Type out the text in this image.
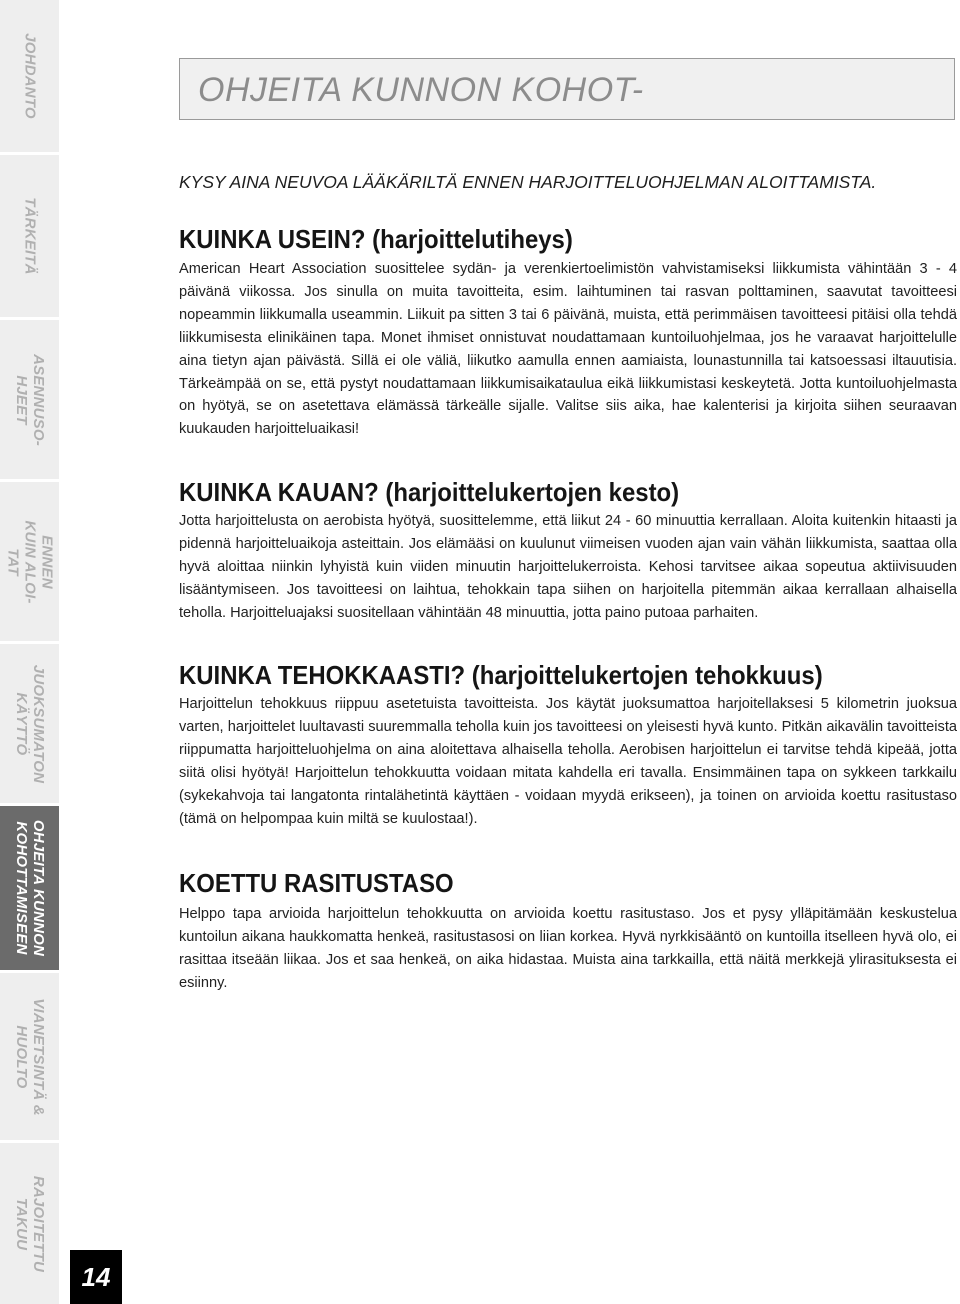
JOHDANTO
TÄRKEITÄ
ASENNUSO-
HJEET
ENNEN
KUIN ALOI-
TAT
JUOKSUMATON
KÄYTTÖ
OHJEITA KUNNON
KOHOTTAMISEEN
VIANETSINTÄ &
HUOLTO
RAJOITETTU
TAKUU
14
OHJEITA KUNNON KOHOT-
KYSY AINA NEUVOA LÄÄKÄRILTÄ ENNEN HARJOITTELUOHJELMAN ALOITTAMISTA.
KUINKA USEIN? (harjoittelutiheys)
American Heart Association suosittelee sydän- ja verenkiertoelimistön vahvistamiseksi liikkumista vähintään 3 - 4 päivänä viikossa. Jos sinulla on muita tavoitteita, esim. laihtuminen tai rasvan polttaminen, saavutat tavoitteesi nopeammin liikkumalla useammin. Liikuit pa sitten 3 tai 6 päivänä, muista, että perimmäisen tavoitteesi pitäisi olla tehdä liikkumisesta elinikäinen tapa. Monet ihmiset onnistuvat noudattamaan kuntoiluohjelmaa, jos he varaavat harjoittelulle aina tietyn ajan päivästä. Sillä ei ole väliä, liikutko aamulla ennen aamiaista, lounastunnilla tai katsoessasi iltauutisia. Tärkeämpää on se, että pystyt noudattamaan liikkumisaikataulua eikä liikkumistasi keskeytetä. Jotta kuntoiluohjelmasta on hyötyä, se on asetettava elämässä tärkeälle sijalle. Valitse siis aika, hae kalenterisi ja kirjoita siihen seuraavan kuukauden harjoitteluaikasi!
KUINKA KAUAN? (harjoittelukertojen kesto)
Jotta harjoittelusta on aerobista hyötyä, suosittelemme, että liikut 24 - 60 minuuttia kerrallaan. Aloita kuitenkin hitaasti ja pidennä harjoitteluaikoja asteittain. Jos elämääsi on kuulunut viimeisen vuoden ajan vain vähän liikkumista, saattaa olla hyvä aloittaa niinkin lyhyistä kuin viiden minuutin harjoittelukerroista. Kehosi tarvitsee aikaa sopeutua aktiivisuuden lisääntymiseen. Jos tavoitteesi on laihtua, tehokkain tapa siihen on harjoitella pitemmän aikaa kerrallaan alhaisella teholla. Harjoitteluajaksi suositellaan vähintään 48 minuuttia, jotta paino putoaa parhaiten.
KUINKA TEHOKKAASTI? (harjoittelukertojen tehokkuus)
Harjoittelun tehokkuus riippuu asetetuista tavoitteista. Jos käytät juoksumattoa harjoitellaksesi 5 kilometrin juoksua varten, harjoittelet luultavasti suuremmalla teholla kuin jos tavoitteesi on yleisesti hyvä kunto. Pitkän aikavälin tavoitteista riippumatta harjoitteluohjelma on aina aloitettava alhaisella teholla. Aerobisen harjoittelun ei tarvitse tehdä kipeää, jotta siitä olisi hyötyä! Harjoittelun tehokkuutta voidaan mitata kahdella eri tavalla. Ensimmäinen tapa on sykkeen tarkkailu (sykekahvoja tai langatonta rintalähetintä käyttäen - voidaan myydä erikseen), ja toinen on arvioida koettu rasitustaso (tämä on helpompaa kuin miltä se kuulostaa!).
KOETTU RASITUSTASO
Helppo tapa arvioida harjoittelun tehokkuutta on arvioida koettu rasitustaso. Jos et pysy ylläpitämään keskustelua kuntoilun aikana haukkomatta henkeä, rasitustasosi on liian korkea. Hyvä nyrkkisääntö on kuntoilla itselleen hyvä olo, ei rasittaa itseään liikaa. Jos et saa henkeä, on aika hidastaa. Muista aina tarkkailla, että näitä merkkejä ylirasituksesta ei esiinny.
